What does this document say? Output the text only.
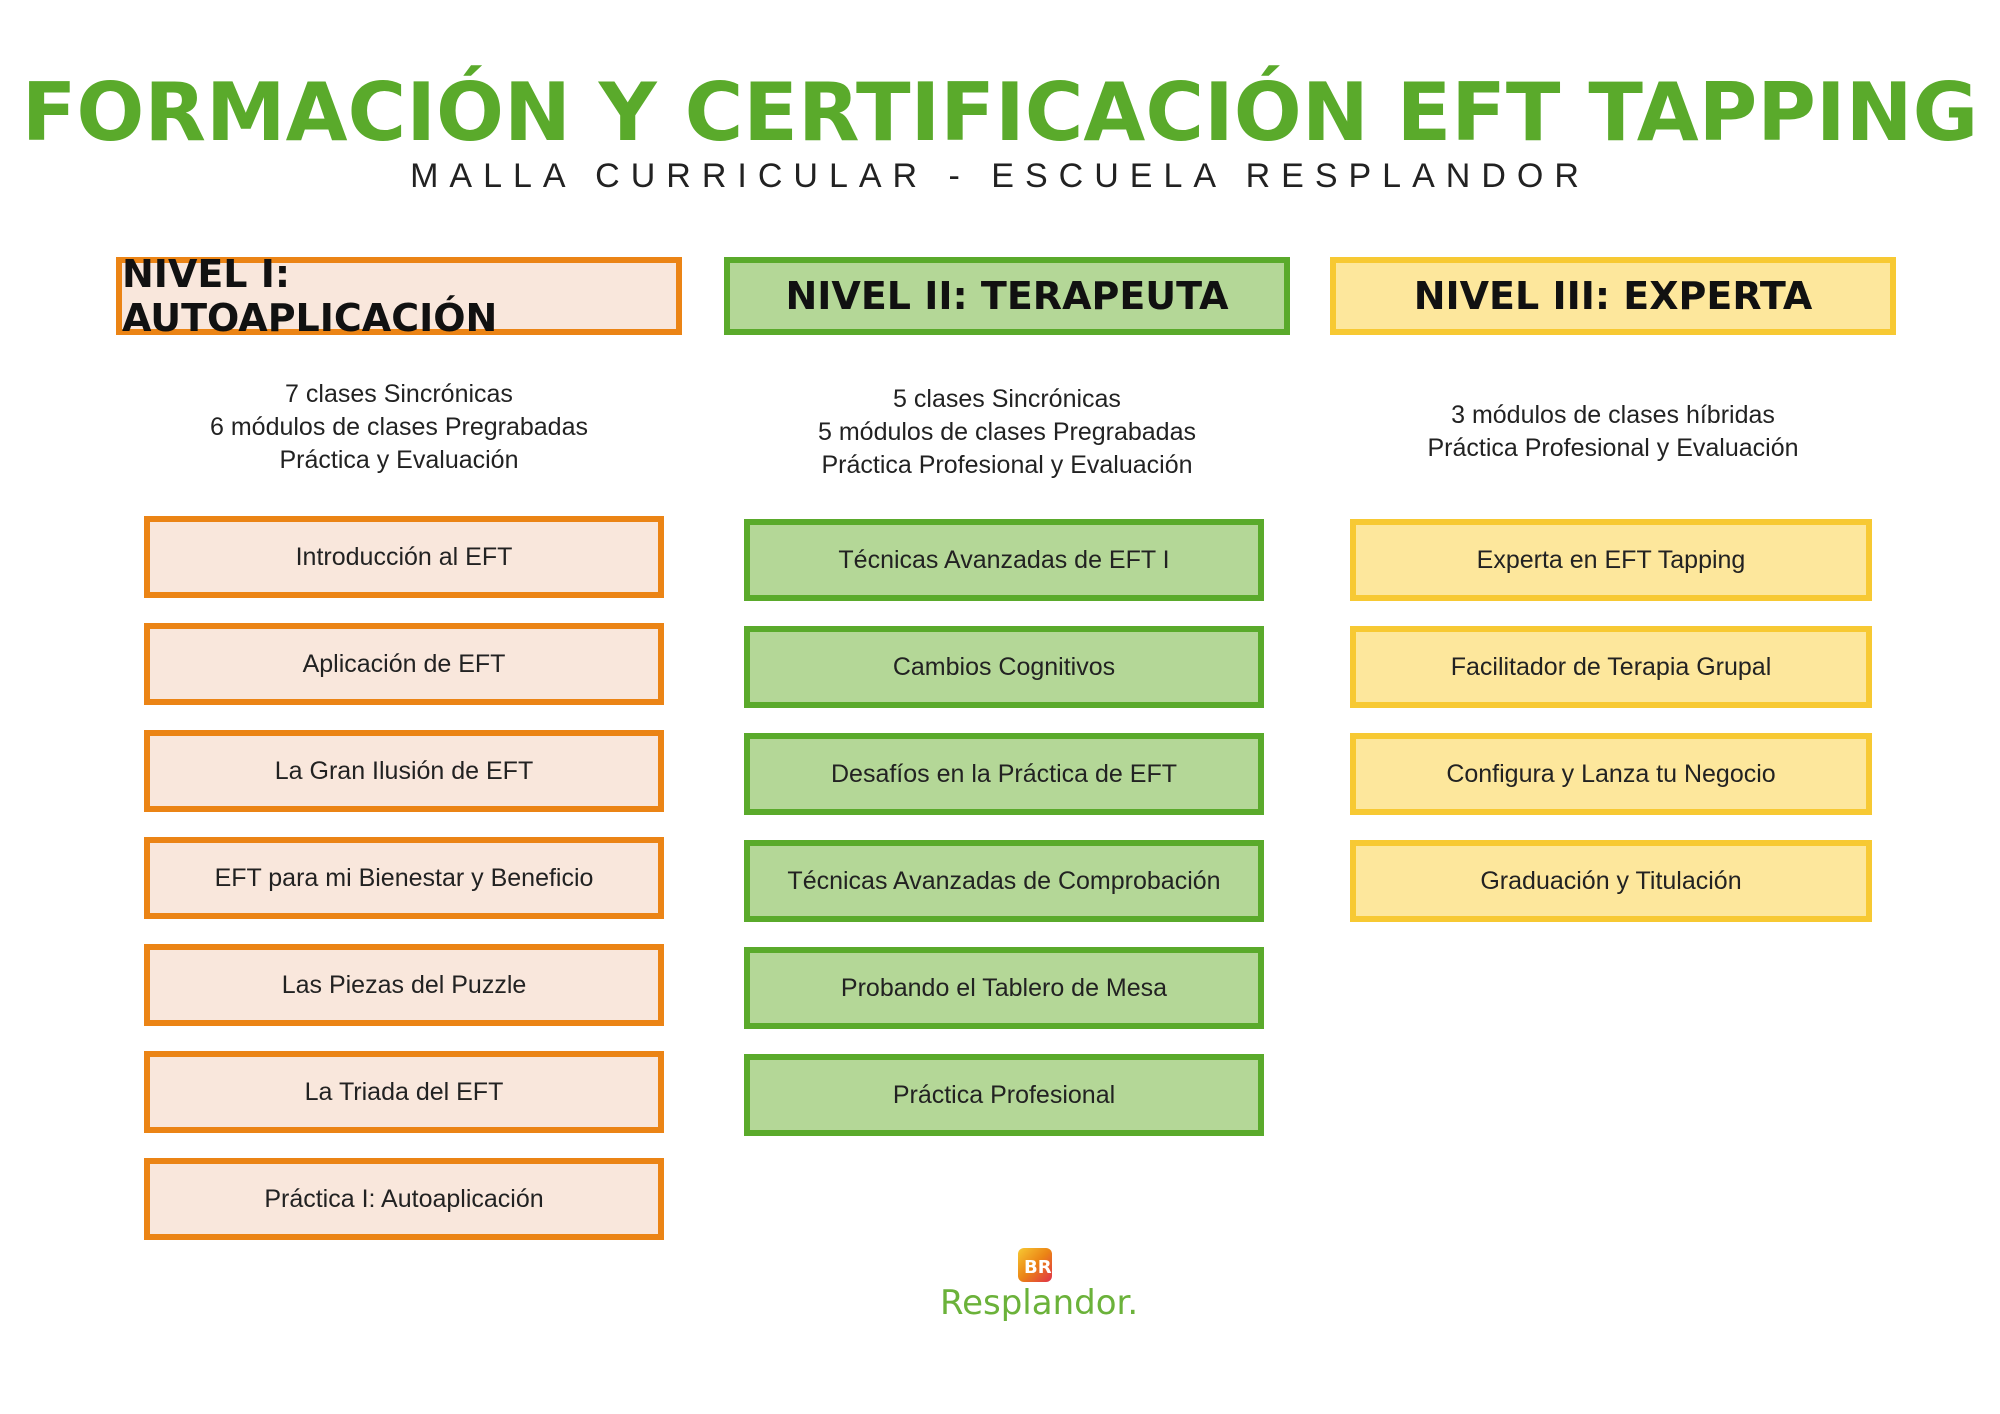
FORMACIÓN Y CERTIFICACIÓN EFT TAPPING
MALLA CURRICULAR - ESCUELA RESPLANDOR
NIVEL I: AUTOAPLICACIÓN
7 clases Sincrónicas
6 módulos de clases Pregrabadas
Práctica y Evaluación
Introducción al EFT
Aplicación de EFT
La Gran Ilusión de EFT
EFT para mi Bienestar y Beneficio
Las Piezas del Puzzle
La Triada del EFT
Práctica I: Autoaplicación
NIVEL II: TERAPEUTA
5 clases Sincrónicas
5 módulos de clases Pregrabadas
Práctica Profesional y Evaluación
Técnicas Avanzadas de EFT I
Cambios Cognitivos
Desafíos en la Práctica de EFT
Técnicas Avanzadas de Comprobación
Probando el Tablero de Mesa
Práctica Profesional
NIVEL III: EXPERTA
3 módulos de clases híbridas
Práctica Profesional y Evaluación
Experta en EFT Tapping
Facilitador de Terapia Grupal
Configura y Lanza tu Negocio
Graduación y Titulación
BR
Resplandor.
